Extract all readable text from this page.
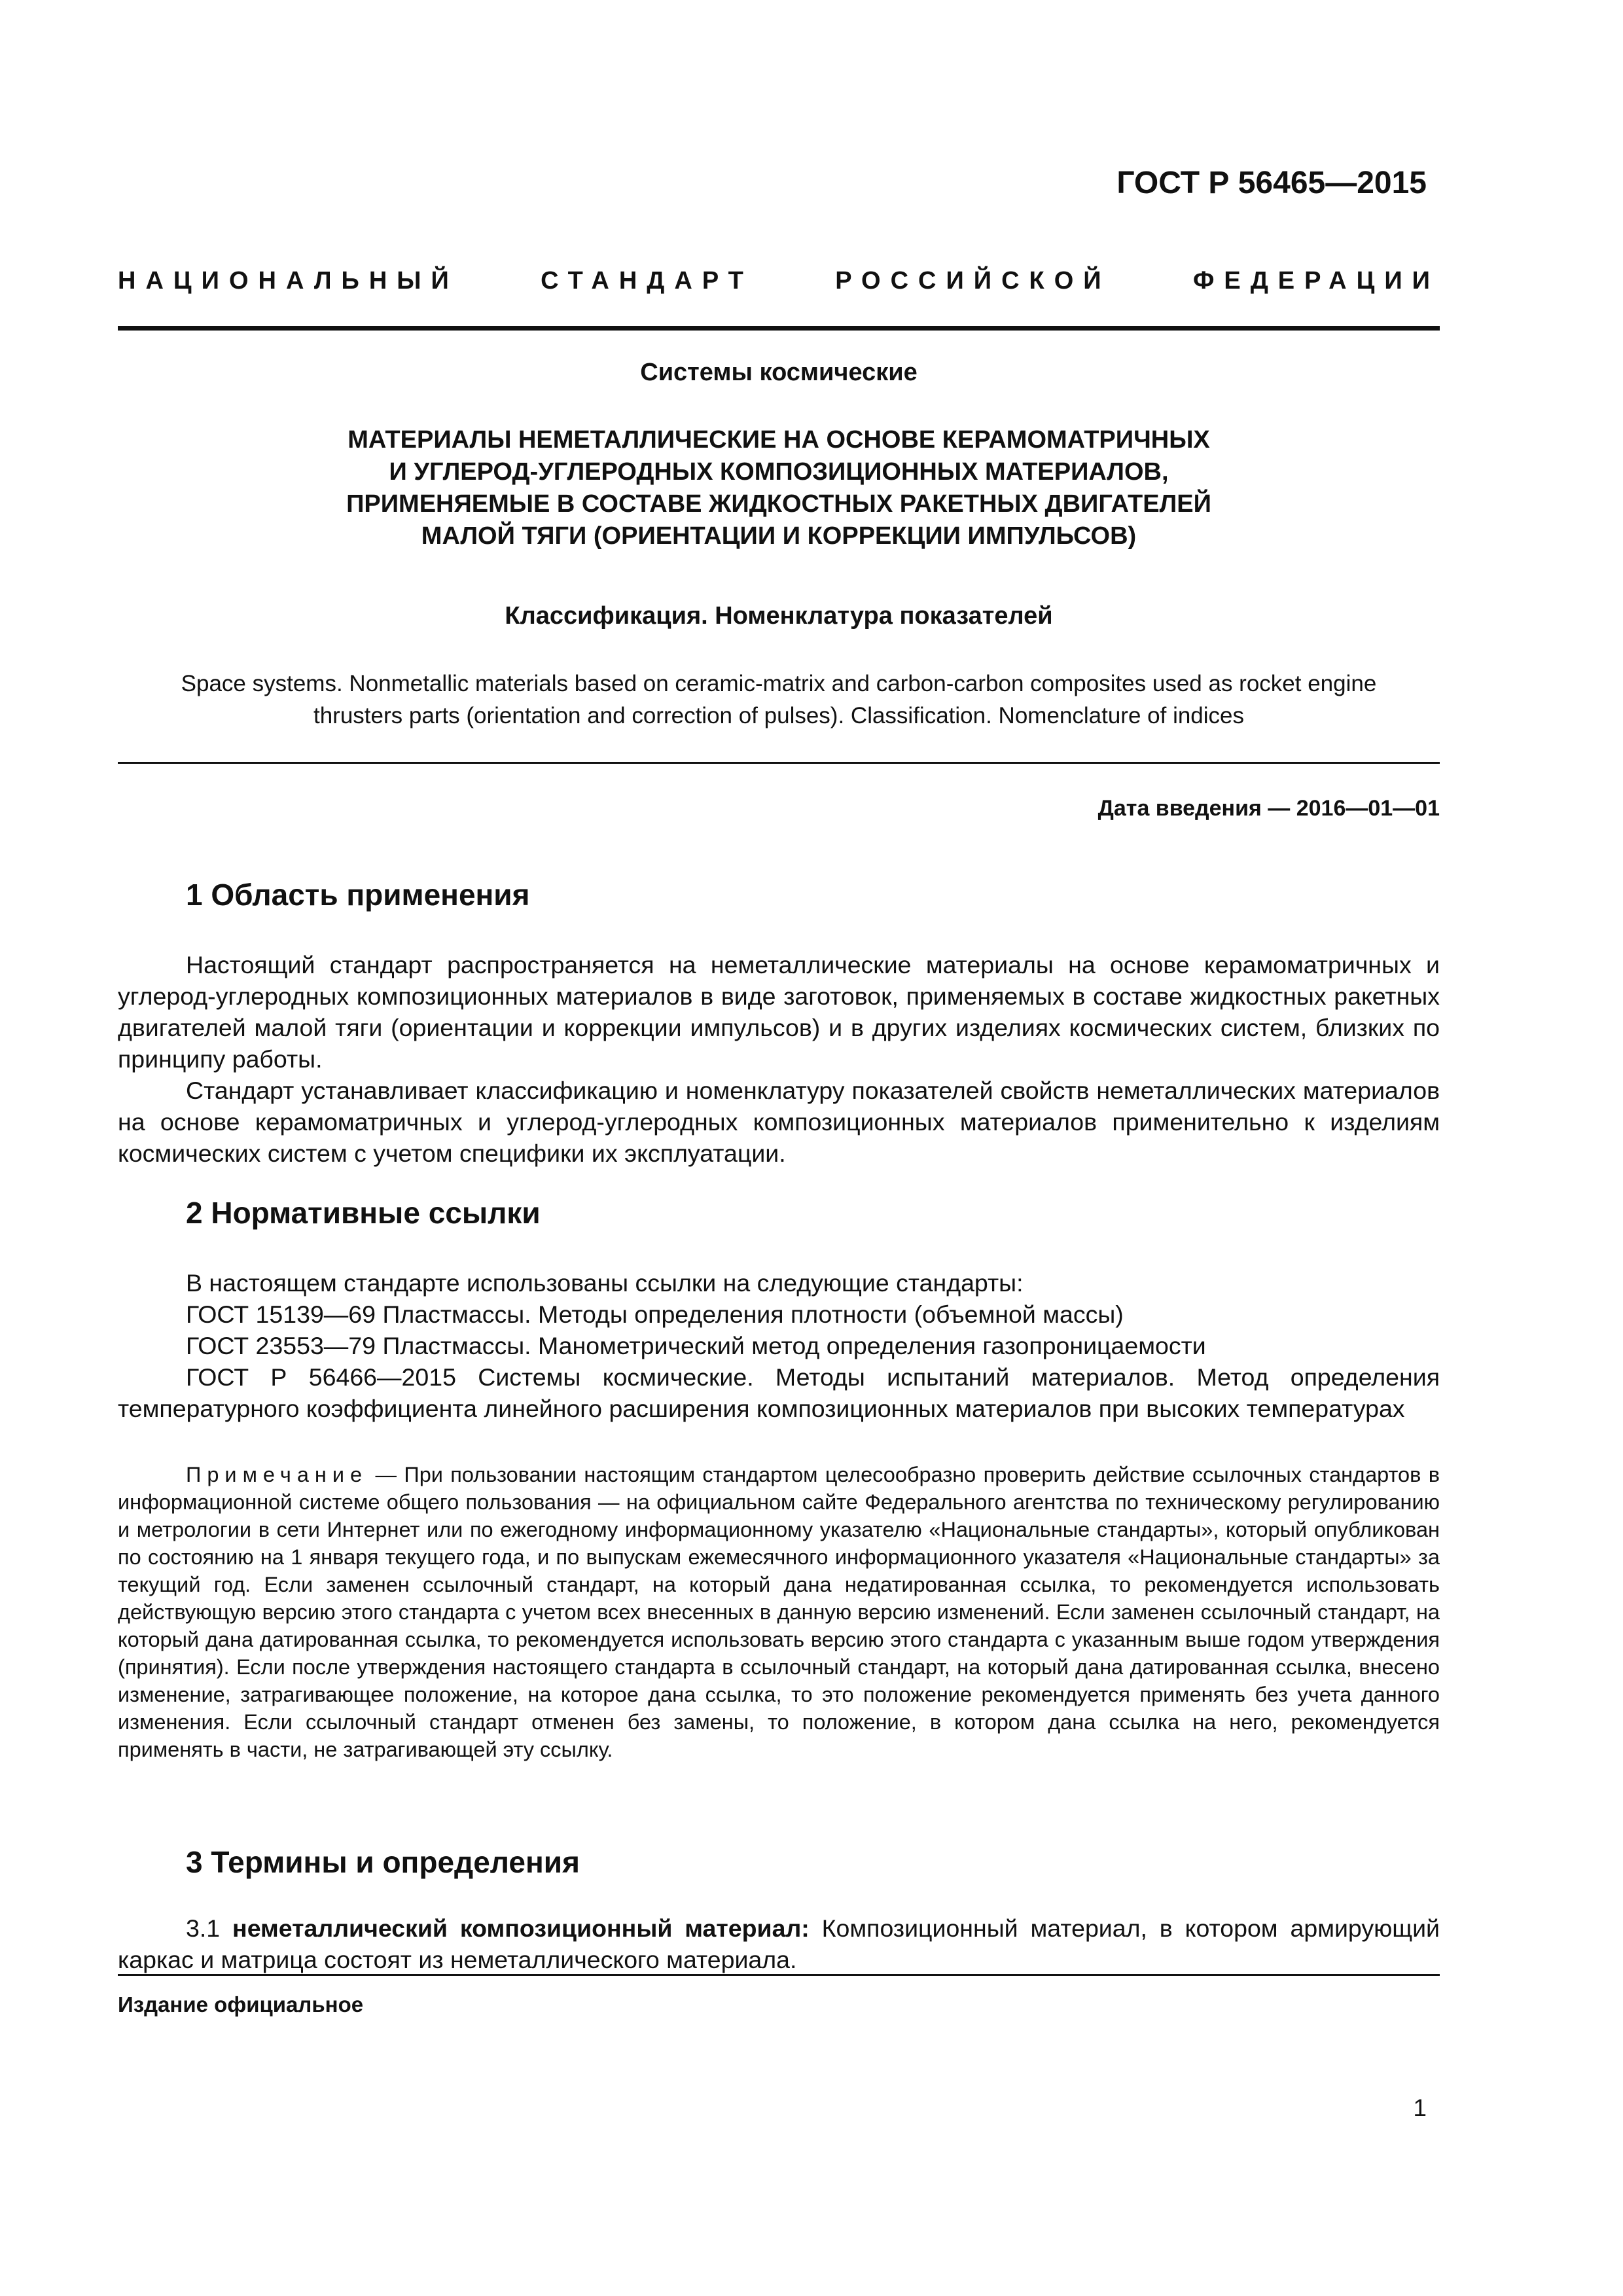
ГОСТ Р 56465—2015
НАЦИОНАЛЬНЫЙ	СТАНДАРТ	РОССИЙСКОЙ	ФЕДЕРАЦИИ
Системы космические
МАТЕРИАЛЫ НЕМЕТАЛЛИЧЕСКИЕ НА ОСНОВЕ КЕРАМОМАТРИЧНЫХ
И УГЛЕРОД-УГЛЕРОДНЫХ КОМПОЗИЦИОННЫХ МАТЕРИАЛОВ,
ПРИМЕНЯЕМЫЕ В СОСТАВЕ ЖИДКОСТНЫХ РАКЕТНЫХ ДВИГАТЕЛЕЙ
МАЛОЙ ТЯГИ (ОРИЕНТАЦИИ И КОРРЕКЦИИ ИМПУЛЬСОВ)
Классификация. Номенклатура показателей
Space systems. Nonmetallic materials based on ceramic-matrix and carbon-carbon composites used as rocket engine
thrusters parts (orientation and correction of pulses). Classification. Nomenclature of indices
Дата введения — 2016—01—01
1 Область применения

Настоящий стандарт распространяется на неметаллические материалы на основе керамоматричных и углерод-углеродных композиционных материалов в виде заготовок, применяемых в составе жидкостных ракетных двигателей малой тяги (ориентации и коррекции импульсов) и в других изделиях космических систем, близких по принципу работы.

Стандарт устанавливает классификацию и номенклатуру показателей свойств неметаллических материалов на основе керамоматричных и углерод-углеродных композиционных материалов применительно к изделиям космических систем с учетом специфики их эксплуатации.

2 Нормативные ссылки

В настоящем стандарте использованы ссылки на следующие стандарты:

ГОСТ 15139—69 Пластмассы. Методы определения плотности (объемной массы)

ГОСТ 23553—79 Пластмассы. Манометрический метод определения газопроницаемости

ГОСТ Р 56466—2015 Системы космические. Методы испытаний материалов. Метод определения температурного коэффициента линейного расширения композиционных материалов при высоких температурах

Примечание — При пользовании настоящим стандартом целесообразно проверить действие ссылочных стандартов в информационной системе общего пользования — на официальном сайте Федерального агентства по техническому регулированию и метрологии в сети Интернет или по ежегодному информационному указателю «Национальные стандарты», который опубликован по состоянию на 1 января текущего года, и по выпускам ежемесячного информационного указателя «Национальные стандарты» за текущий год. Если заменен ссылочный стандарт, на который дана недатированная ссылка, то рекомендуется использовать действующую версию этого стандарта с учетом всех внесенных в данную версию изменений. Если заменен ссылочный стандарт, на который дана датированная ссылка, то рекомендуется использовать версию этого стандарта с указанным выше годом утверждения (принятия). Если после утверждения настоящего стандарта в ссылочный стандарт, на который дана датированная ссылка, внесено изменение, затрагивающее положение, на которое дана ссылка, то это положение рекомендуется применять без учета данного изменения. Если ссылочный стандарт отменен без замены, то положение, в котором дана ссылка на него, рекомендуется применять в части, не затрагивающей эту ссылку.

3 Термины и определения

3.1 неметаллический композиционный материал: Композиционный материал, в котором армирующий каркас и матрица состоят из неметаллического материала.

Издание официальное
1
